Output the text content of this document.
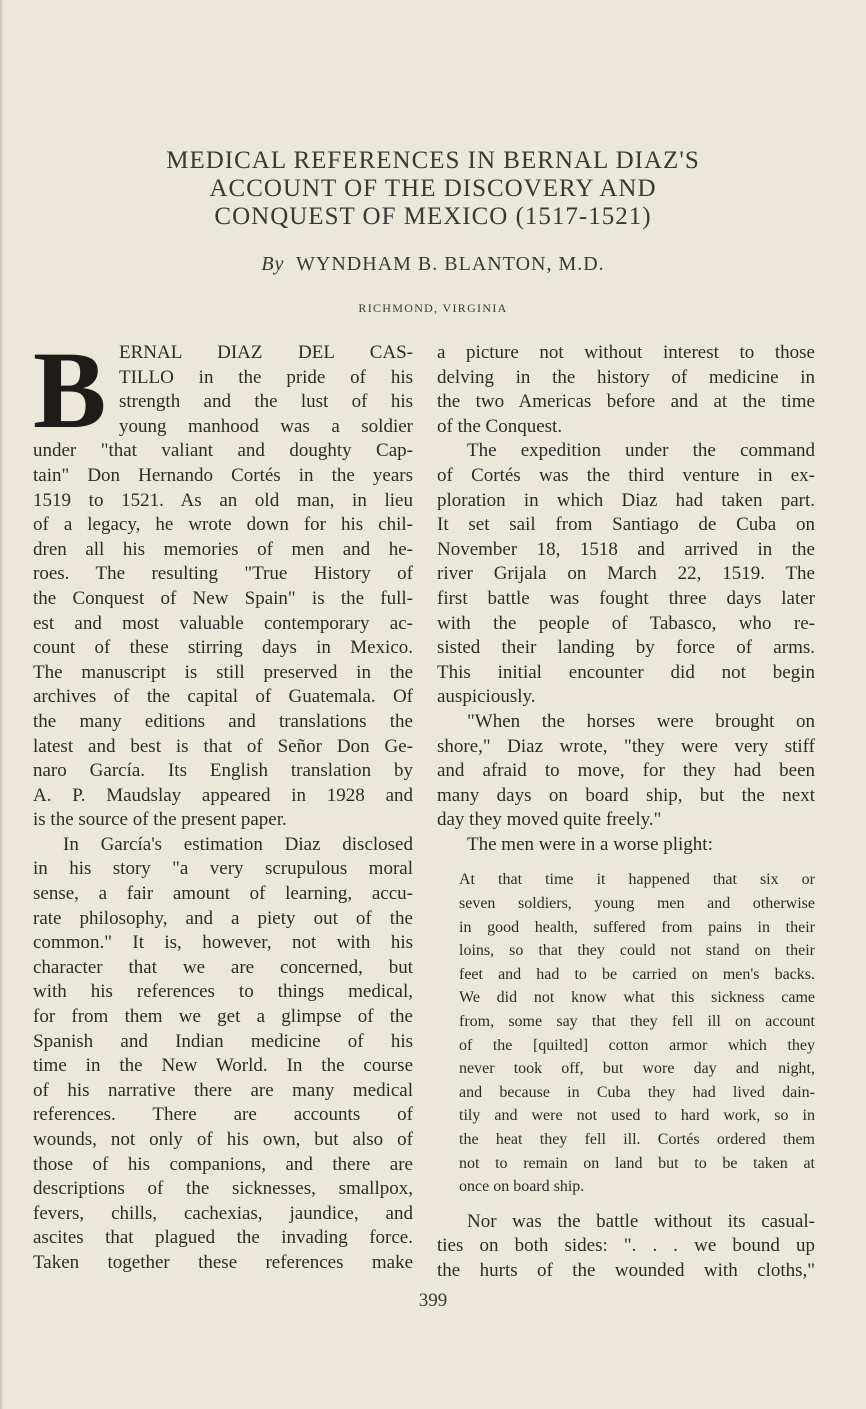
MEDICAL REFERENCES IN BERNAL DIAZ'S
ACCOUNT OF THE DISCOVERY AND
CONQUEST OF MEXICO (1517-1521)
By WYNDHAM B. BLANTON, M.D.
RICHMOND, VIRGINIA
B ERNAL DIAZ DEL CAS-
TILLO in the pride of his
strength and the lust of his
young manhood was a soldier
under "that valiant and doughty Cap-
tain" Don Hernando Cortés in the years
1519 to 1521. As an old man, in lieu
of a legacy, he wrote down for his chil-
dren all his memories of men and he-
roes. The resulting "True History of
the Conquest of New Spain" is the full-
est and most valuable contemporary ac-
count of these stirring days in Mexico.
The manuscript is still preserved in the
archives of the capital of Guatemala. Of
the many editions and translations the
latest and best is that of Señor Don Ge-
naro García. Its English translation by
A. P. Maudslay appeared in 1928 and
is the source of the present paper.
In García's estimation Diaz disclosed
in his story "a very scrupulous moral
sense, a fair amount of learning, accu-
rate philosophy, and a piety out of the
common." It is, however, not with his
character that we are concerned, but
with his references to things medical,
for from them we get a glimpse of the
Spanish and Indian medicine of his
time in the New World. In the course
of his narrative there are many medical
references. There are accounts of
wounds, not only of his own, but also of
those of his companions, and there are
descriptions of the sicknesses, smallpox,
fevers, chills, cachexias, jaundice, and
ascites that plagued the invading force.
Taken together these references make
a picture not without interest to those
delving in the history of medicine in
the two Americas before and at the time
of the Conquest.
The expedition under the command
of Cortés was the third venture in ex-
ploration in which Diaz had taken part.
It set sail from Santiago de Cuba on
November 18, 1518 and arrived in the
river Grijala on March 22, 1519. The
first battle was fought three days later
with the people of Tabasco, who re-
sisted their landing by force of arms.
This initial encounter did not begin
auspiciously.
"When the horses were brought on
shore," Diaz wrote, "they were very stiff
and afraid to move, for they had been
many days on board ship, but the next
day they moved quite freely."
The men were in a worse plight:
At that time it happened that six or
seven soldiers, young men and otherwise
in good health, suffered from pains in their
loins, so that they could not stand on their
feet and had to be carried on men's backs.
We did not know what this sickness came
from, some say that they fell ill on account
of the [quilted] cotton armor which they
never took off, but wore day and night,
and because in Cuba they had lived dain-
tily and were not used to hard work, so in
the heat they fell ill. Cortés ordered them
not to remain on land but to be taken at
once on board ship.
Nor was the battle without its casual-
ties on both sides: ". . . we bound up
the hurts of the wounded with cloths,"
399
